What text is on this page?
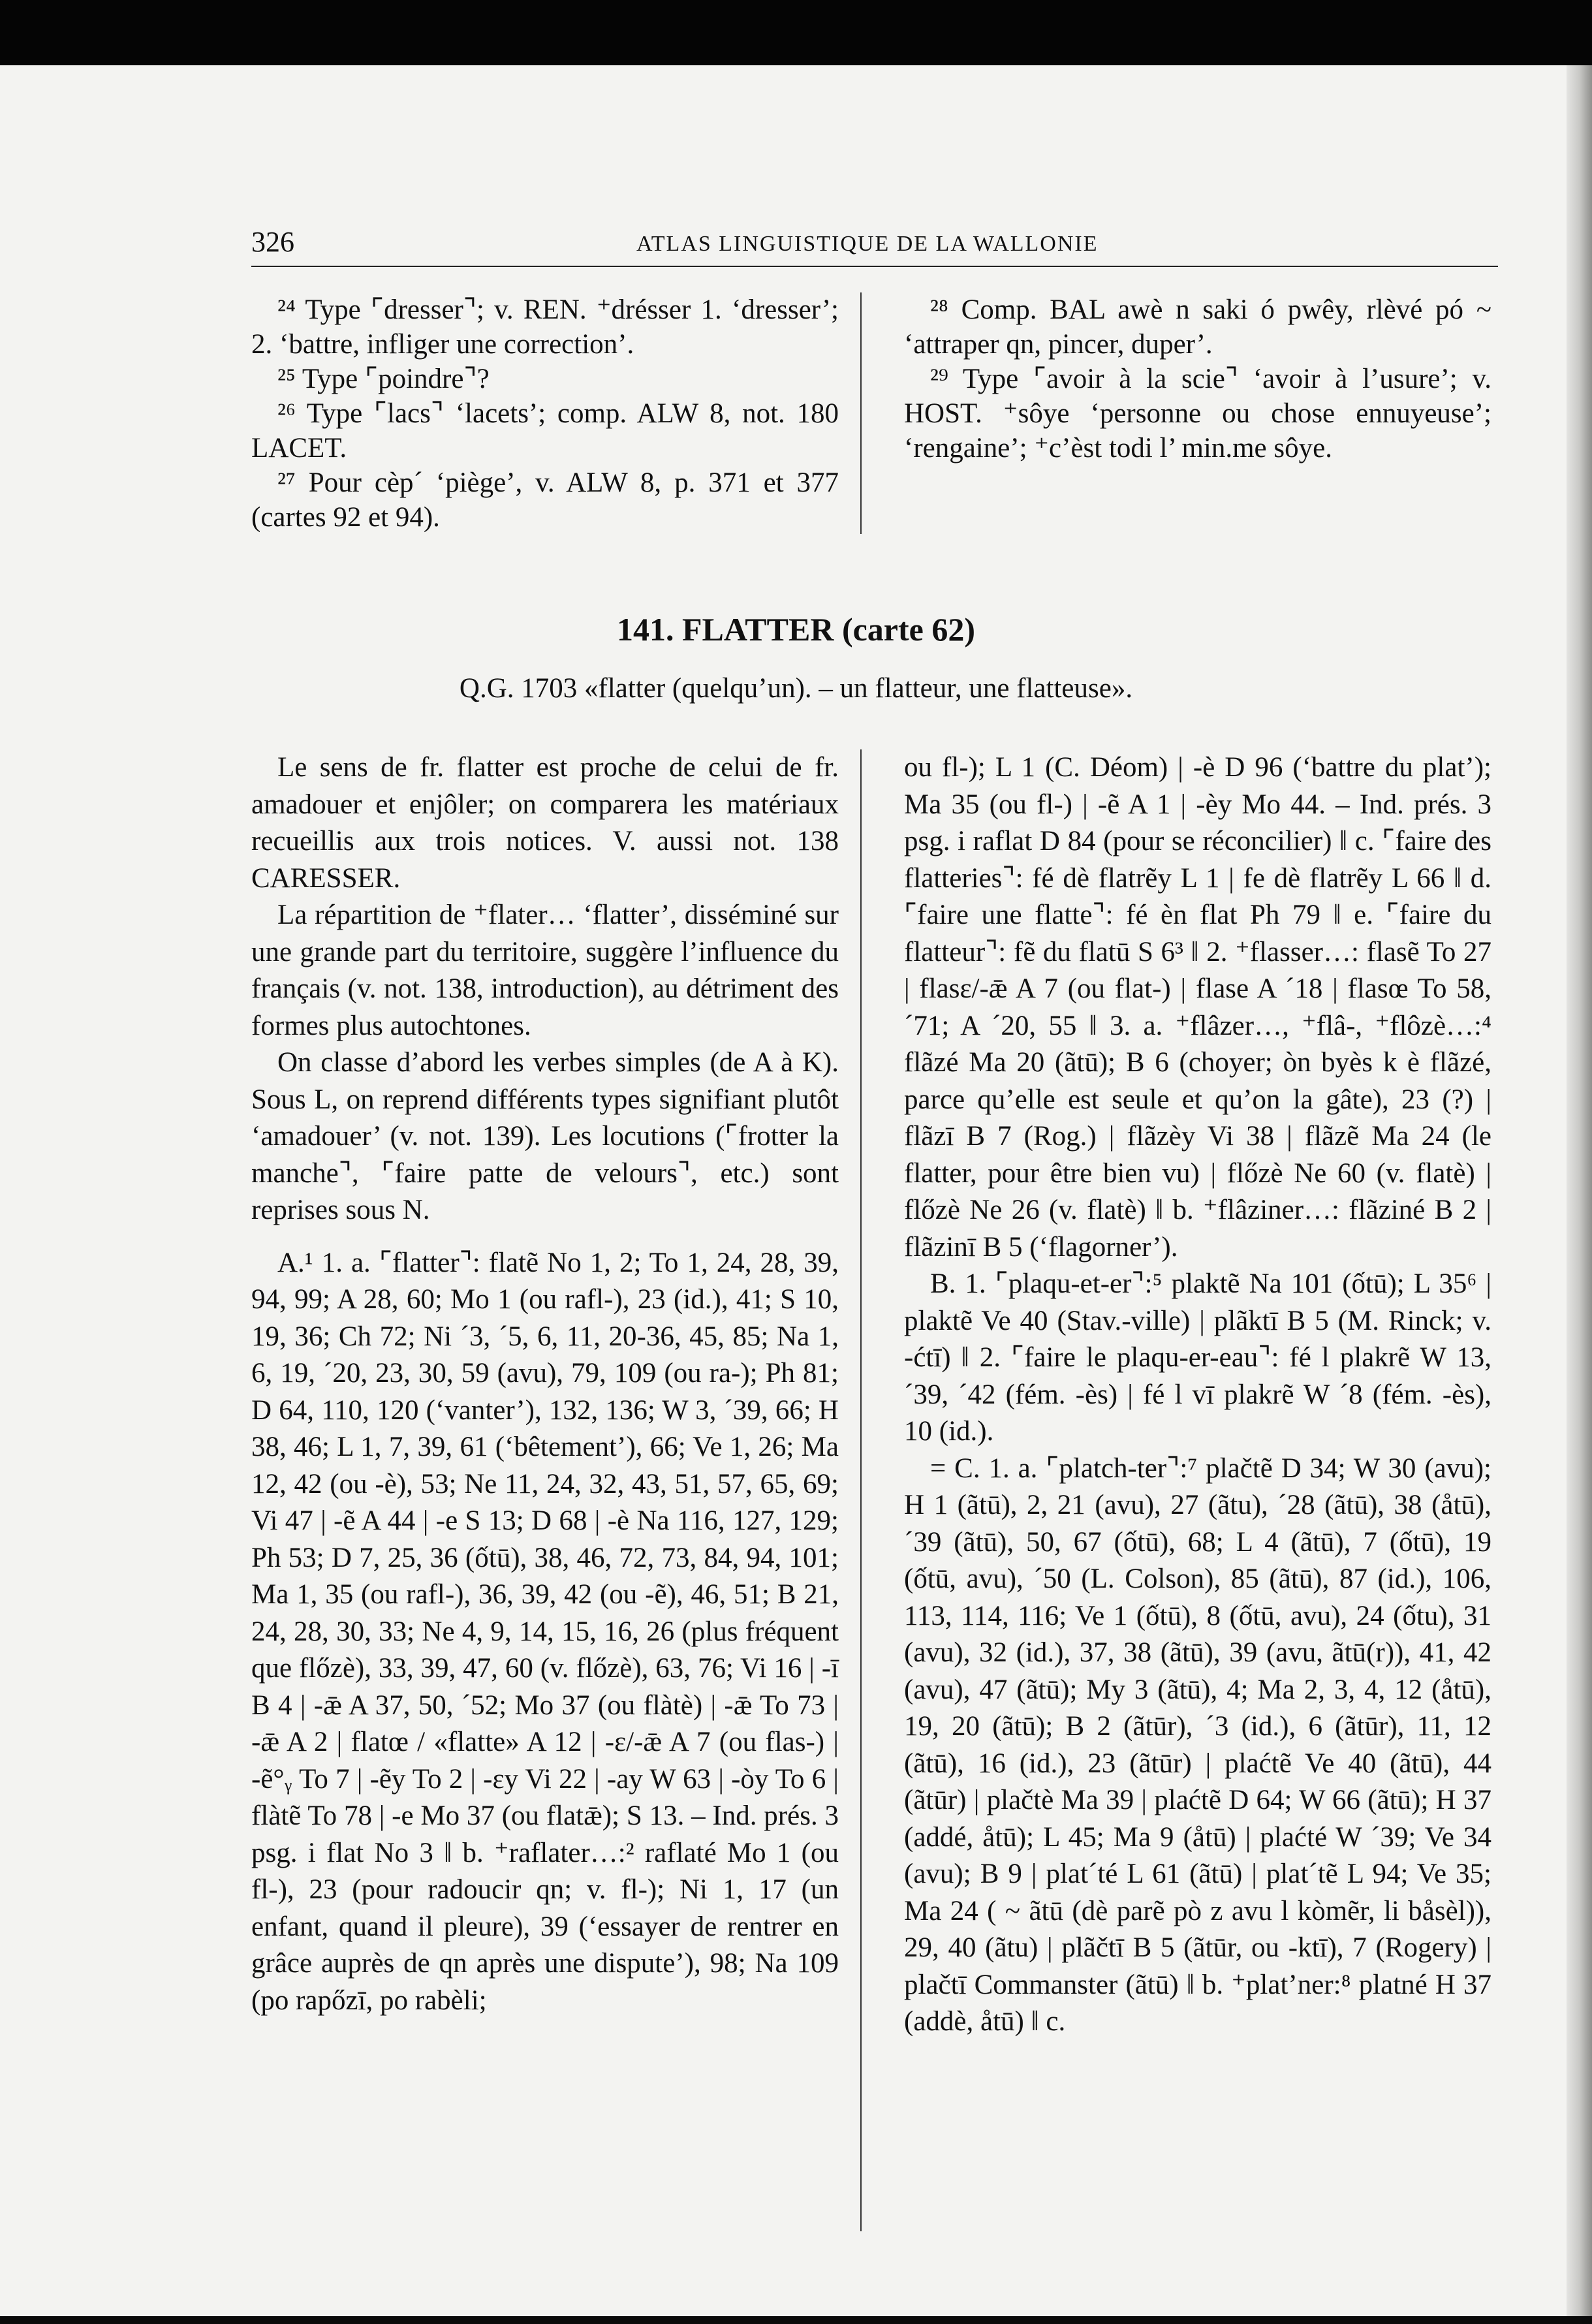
326	ATLAS LINGUISTIQUE DE LA WALLONIE

²⁴ Type ⌜dresser⌝; v. REN. ⁺drésser 1. ‘dresser’; 2. ‘battre, infliger une correction’.

²⁵ Type ⌜poindre⌝?

²⁶ Type ⌜lacs⌝ ‘lacets’; comp. ALW 8, not. 180 LACET.

²⁷ Pour cèp´ ‘piège’, v. ALW 8, p. 371 et 377 (cartes 92 et 94).

²⁸ Comp. BAL awè n saki ó pwêy, rlèvé pó ~ ‘attraper qn, pincer, duper’.

²⁹ Type ⌜avoir à la scie⌝ ‘avoir à l’usure’; v. HOST. ⁺sôye ‘personne ou chose ennuyeuse’; ‘rengaine’; ⁺c’èst todi l’ min.me sôye.

141. FLATTER (carte 62)
Q.G. 1703 «flatter (quelqu’un). – un flatteur, une flatteuse».

Le sens de fr. flatter est proche de celui de fr. amadouer et enjôler; on comparera les matériaux recueillis aux trois notices. V. aussi not. 138 CARESSER.

La répartition de ⁺flater… ‘flatter’, disséminé sur une grande part du territoire, suggère l’influence du français (v. not. 138, introduction), au détriment des formes plus autochtones.

On classe d’abord les verbes simples (de A à K). Sous L, on reprend différents types signifiant plutôt ‘amadouer’ (v. not. 139). Les locutions (⌜frotter la manche⌝, ⌜faire patte de velours⌝, etc.) sont reprises sous N.

A.¹ 1. a. ⌜flatter⌝: flatẽ No 1, 2; To 1, 24, 28, 39, 94, 99; A 28, 60; Mo 1 (ou rafl-), 23 (id.), 41; S 10, 19, 36; Ch 72; Ni ´3, ´5, 6, 11, 20-36, 45, 85; Na 1, 6, 19, ´20, 23, 30, 59 (avu), 79, 109 (ou ra-); Ph 81; D 64, 110, 120 (‘vanter’), 132, 136; W 3, ´39, 66; H 38, 46; L 1, 7, 39, 61 (‘bêtement’), 66; Ve 1, 26; Ma 12, 42 (ou -è), 53; Ne 11, 24, 32, 43, 51, 57, 65, 69; Vi 47 | -ẽ A 44 | -e S 13; D 68 | -è Na 116, 127, 129; Ph 53; D 7, 25, 36 (ốtū), 38, 46, 72, 73, 84, 94, 101; Ma 1, 35 (ou rafl-), 36, 39, 42 (ou -ẽ), 46, 51; B 21, 24, 28, 30, 33; Ne 4, 9, 14, 15, 16, 26 (plus fréquent que flőzè), 33, 39, 47, 60 (v. flőzè), 63, 76; Vi 16 | -ī B 4 | -ǣ A 37, 50, ´52; Mo 37 (ou flàtè) | -ǣ To 73 | -ǣ A 2 | flatœ / «flatte» A 12 | -ɛ/-ǣ A 7 (ou flas-) | -ẽ°ᵧ To 7 | -ẽy To 2 | -ɛy Vi 22 | -ay W 63 | -òy To 6 | flàtẽ To 78 | -e Mo 37 (ou flatǣ); S 13. – Ind. prés. 3 psg. i flat No 3 ‖ b. ⁺raflater…:² raflaté Mo 1 (ou fl-), 23 (pour radoucir qn; v. fl-); Ni 1, 17 (un enfant, quand il pleure), 39 (‘essayer de rentrer en grâce auprès de qn après une dispute’), 98; Na 109 (po rapőzī, po rabèli;

ou fl-); L 1 (C. Déom) | -è D 96 (‘battre du plat’); Ma 35 (ou fl-) | -ẽ A 1 | -èy Mo 44. – Ind. prés. 3 psg. i raflat D 84 (pour se réconcilier) ‖ c. ⌜faire des flatteries⌝: fé dè flatrẽy L 1 | fe dè flatrẽy L 66 ‖ d. ⌜faire une flatte⌝: fé èn flat Ph 79 ‖ e. ⌜faire du flatteur⌝: fẽ du flatū S 6³ ‖ 2. ⁺flasser…: flasẽ To 27 | flasɛ/-ǣ A 7 (ou flat-) | flase A ´18 | flasœ To 58, ´71; A ´20, 55 ‖ 3. a. ⁺flâzer…, ⁺flâ-, ⁺flôzè…:⁴ flãzé Ma 20 (ãtū); B 6 (choyer; òn byès k è flãzé, parce qu’elle est seule et qu’on la gâte), 23 (?) | flãzī B 7 (Rog.) | flãzèy Vi 38 | flãzẽ Ma 24 (le flatter, pour être bien vu) | flőzè Ne 60 (v. flatè) | flőzè Ne 26 (v. flatè) ‖ b. ⁺flâziner…: flãziné B 2 | flãzinī B 5 (‘flagorner’).

B. 1. ⌜plaqu-et-er⌝:⁵ plaktẽ Na 101 (ốtū); L 35⁶ | plaktẽ Ve 40 (Stav.-ville) | plãktī B 5 (M. Rinck; v. -ćtī) ‖ 2. ⌜faire le plaqu-er-eau⌝: fé l plakrẽ W 13, ´39, ´42 (fém. -ès) | fé l vī plakrẽ W ´8 (fém. -ès), 10 (id.).

= C. 1. a. ⌜platch-ter⌝:⁷ plačtẽ D 34; W 30 (avu); H 1 (ãtū), 2, 21 (avu), 27 (ãtu), ´28 (ãtū), 38 (åtū), ´39 (ãtū), 50, 67 (ốtū), 68; L 4 (ãtū), 7 (ốtū), 19 (ốtū, avu), ´50 (L. Colson), 85 (ãtū), 87 (id.), 106, 113, 114, 116; Ve 1 (ốtū), 8 (ốtū, avu), 24 (ốtu), 31 (avu), 32 (id.), 37, 38 (ãtū), 39 (avu, ãtū(r)), 41, 42 (avu), 47 (ãtū); My 3 (ãtū), 4; Ma 2, 3, 4, 12 (åtū), 19, 20 (ãtū); B 2 (ãtūr), ´3 (id.), 6 (ãtūr), 11, 12 (ãtū), 16 (id.), 23 (ãtūr) | plaćtẽ Ve 40 (ãtū), 44 (ãtūr) | plačtè Ma 39 | plaćtẽ D 64; W 66 (ãtū); H 37 (addé, åtū); L 45; Ma 9 (åtū) | plaćté W ´39; Ve 34 (avu); B 9 | plat´té L 61 (ãtū) | plat´tẽ L 94; Ve 35; Ma 24 ( ~ ãtū (dè parẽ pò z avu l kòmẽr, li båsèl)), 29, 40 (ãtu) | plãčtī B 5 (ãtūr, ou -ktī), 7 (Rogery) | plačtī Commanster (ãtū) ‖ b. ⁺plat’ner:⁸ platné H 37 (addè, åtū) ‖ c.
